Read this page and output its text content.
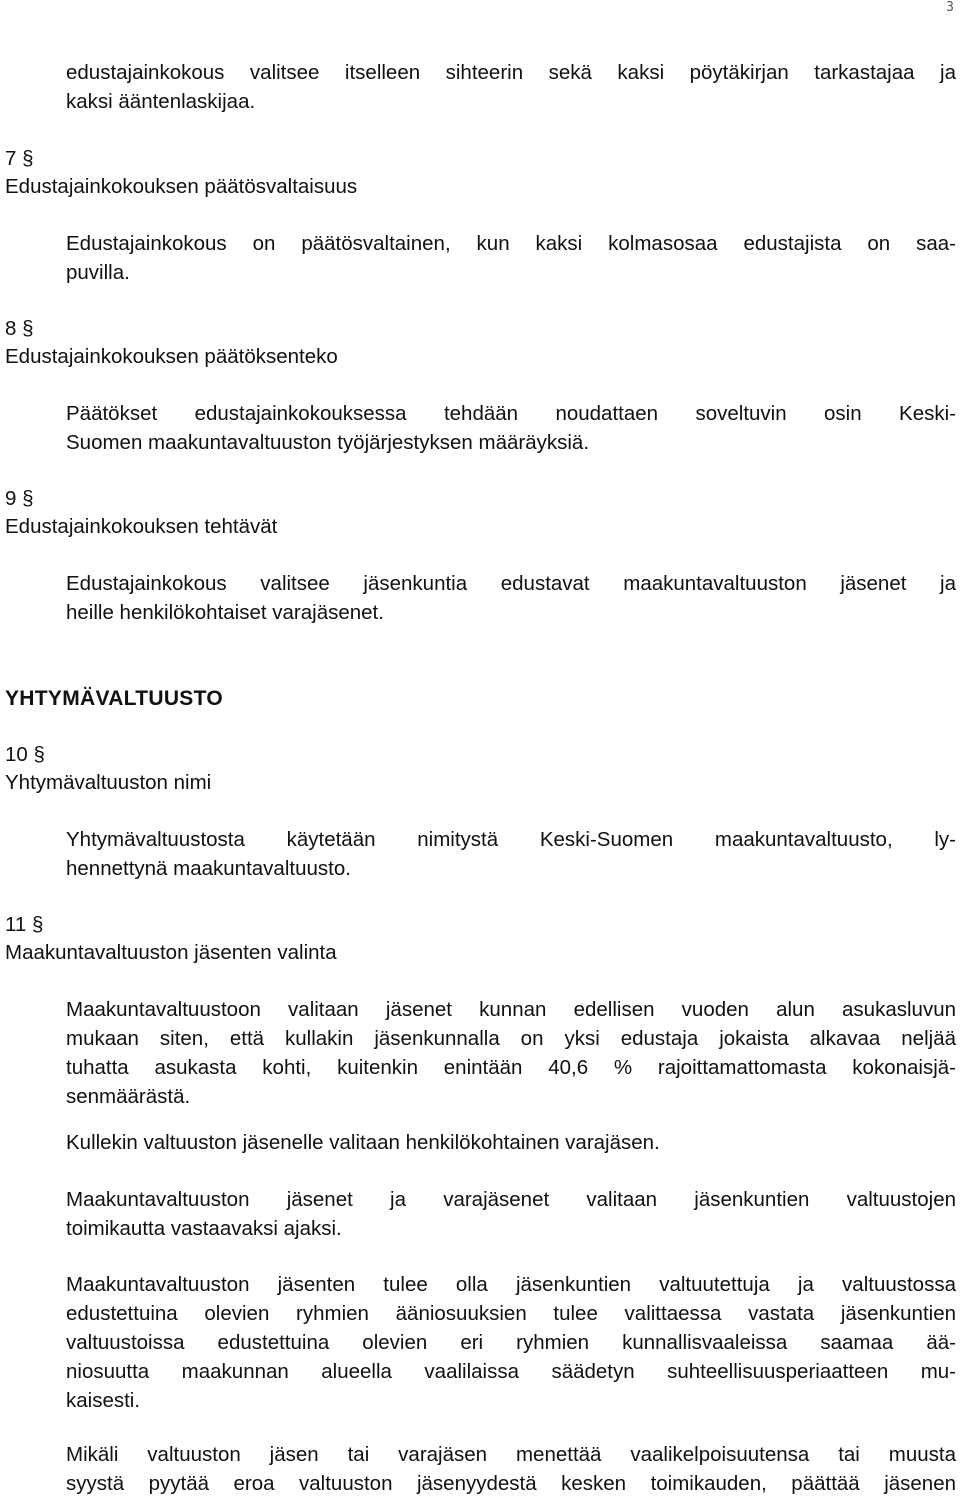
3
edustajainkokous valitsee itselleen sihteerin sekä kaksi pöytäkirjan tarkastajaa ja
kaksi ääntenlaskijaa.
7 §
Edustajainkokouksen päätösvaltaisuus
Edustajainkokous on päätösvaltainen, kun kaksi kolmasosaa edustajista on saa-
puvilla.
8 §
Edustajainkokouksen päätöksenteko
Päätökset edustajainkokouksessa tehdään noudattaen soveltuvin osin Keski-
Suomen maakuntavaltuuston työjärjestyksen määräyksiä.
9 §
Edustajainkokouksen tehtävät
Edustajainkokous valitsee jäsenkuntia edustavat maakuntavaltuuston jäsenet ja
heille henkilökohtaiset varajäsenet.
YHTYMÄVALTUUSTO
10 §
Yhtymävaltuuston nimi
Yhtymävaltuustosta käytetään nimitystä Keski-Suomen maakuntavaltuusto, ly-
hennettynä maakuntavaltuusto.
11 §
Maakuntavaltuuston jäsenten valinta
Maakuntavaltuustoon valitaan jäsenet kunnan edellisen vuoden alun asukasluvun
mukaan siten, että kullakin jäsenkunnalla on yksi edustaja jokaista alkavaa neljää
tuhatta asukasta kohti, kuitenkin enintään 40,6 % rajoittamattomasta kokonaisjä-
senmäärästä.
Kullekin valtuuston jäsenelle valitaan henkilökohtainen varajäsen.
Maakuntavaltuuston jäsenet ja varajäsenet valitaan jäsenkuntien valtuustojen
toimikautta vastaavaksi ajaksi.
Maakuntavaltuuston jäsenten tulee olla jäsenkuntien valtuutettuja ja valtuustossa
edustettuina olevien ryhmien ääniosuuksien tulee valittaessa vastata jäsenkuntien
valtuustoissa edustettuina olevien eri ryhmien kunnallisvaaleissa saamaa ää-
niosuutta maakunnan alueella vaalilaissa säädetyn suhteellisuusperiaatteen mu-
kaisesti.
Mikäli valtuuston jäsen tai varajäsen menettää vaalikelpoisuutensa tai muusta
syystä pyytää eroa valtuuston jäsenyydestä kesken toimikauden, päättää jäsenen
